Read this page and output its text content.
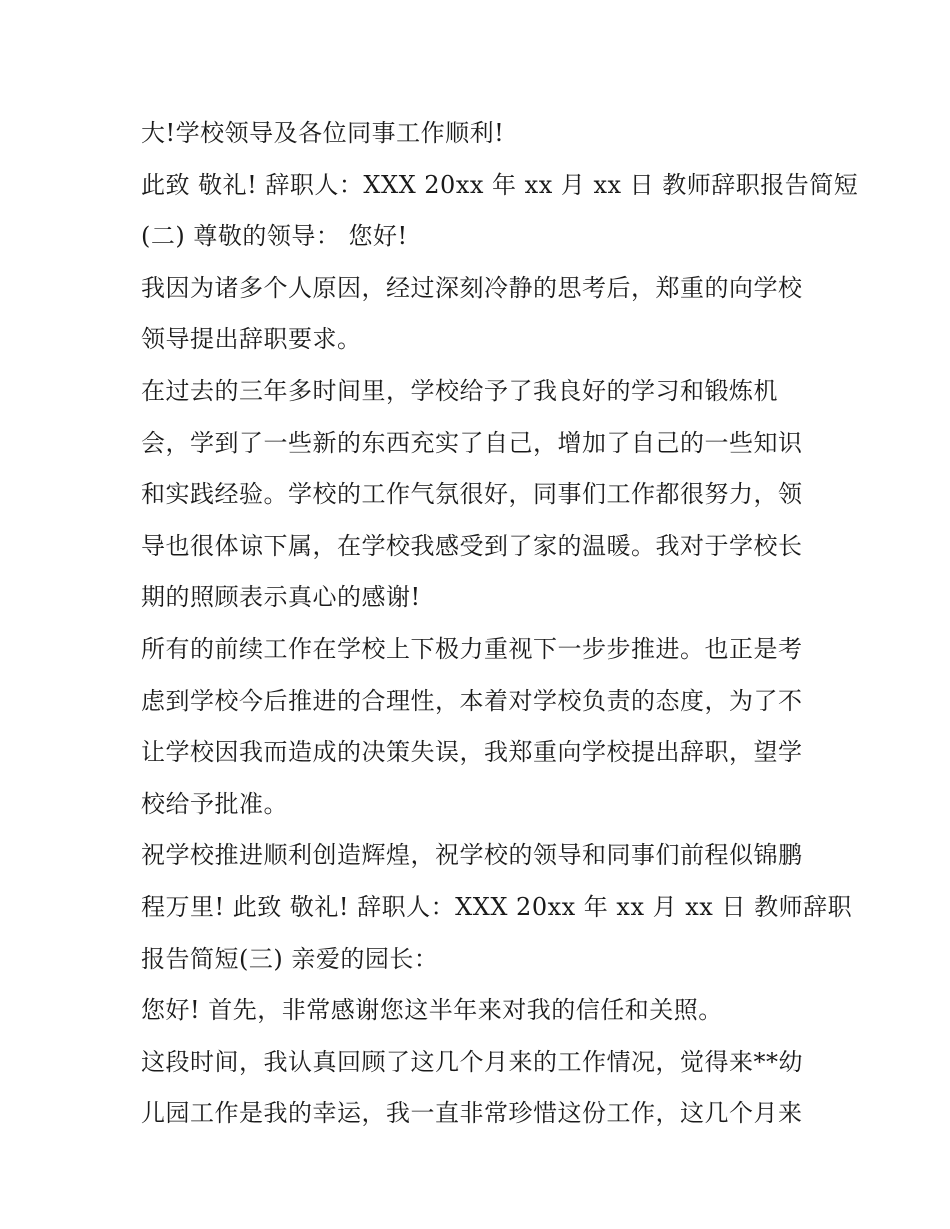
大!学校领导及各位同事工作顺利!
此致 敬礼! 辞职人：XXX 20xx 年 xx 月 xx 日 教师辞职报告简短
(二) 尊敬的领导： 您好!
我因为诸多个人原因，经过深刻冷静的思考后，郑重的向学校
领导提出辞职要求。
在过去的三年多时间里，学校给予了我良好的学习和锻炼机
会，学到了一些新的东西充实了自己，增加了自己的一些知识
和实践经验。学校的工作气氛很好，同事们工作都很努力，领
导也很体谅下属，在学校我感受到了家的温暖。我对于学校长
期的照顾表示真心的感谢!
所有的前续工作在学校上下极力重视下一步步推进。也正是考
虑到学校今后推进的合理性，本着对学校负责的态度，为了不
让学校因我而造成的决策失误，我郑重向学校提出辞职，望学
校给予批准。
祝学校推进顺利创造辉煌，祝学校的领导和同事们前程似锦鹏
程万里! 此致 敬礼! 辞职人：XXX 20xx 年 xx 月 xx 日 教师辞职
报告简短(三) 亲爱的园长：
您好! 首先，非常感谢您这半年来对我的信任和关照。
这段时间，我认真回顾了这几个月来的工作情况，觉得来**幼
儿园工作是我的幸运，我一直非常珍惜这份工作，这几个月来
